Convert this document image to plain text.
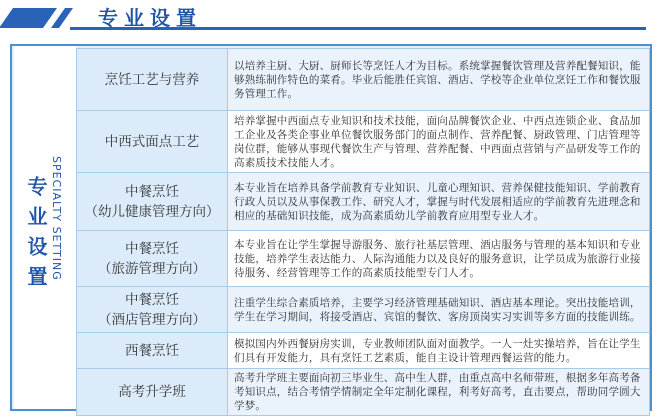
专业设置
专业设置 SPECIALTY SETTING
烹饪工艺与营养	以培养主厨、大厨、厨师长等烹饪人才为目标。系统掌握餐饮管理及营养配餐知识，能够熟练制作特色的菜肴。毕业后能胜任宾馆、酒店、学校等企业单位烹饪工作和餐饮服务管理工作。
中西式面点工艺	培养掌握中西面点专业知识和技术技能，面向品牌餐饮企业、中西点连锁企业、食品加工企业及各类企事业单位餐饮服务部门的面点制作、营养配餐、厨政管理、门店管理等岗位群，能够从事现代餐饮生产与管理、营养配餐、中西面点营销与产品研发等工作的高素质技术技能人才。
中餐烹饪
（幼儿健康管理方向）	本专业旨在培养具备学前教育专业知识、儿童心理知识、营养保健技能知识、学前教育行政人员以及从事保教工作、研究人才，掌握与时代发展相适应的学前教育先进理念和相应的基础知识技能，成为高素质幼儿学前教育应用型专业人才。
中餐烹饪
（旅游管理方向）	本专业旨在让学生掌握导游服务、旅行社基层管理、酒店服务与管理的基本知识和专业技能，培养学生表达能力、人际沟通能力以及良好的服务意识，让学员成为旅游行业接待服务、经营管理等工作的高素质技能型专门人才。
中餐烹饪
（酒店管理方向）	注重学生综合素质培养，主要学习经济管理基础知识、酒店基本理论。突出技能培训，学生在学习期间，将接受酒店、宾馆的餐饮、客房顶岗实习实训等多方面的技能训练。
西餐烹饪	模拟国内外西餐厨房实训，专业教师团队面对面教学。一人一灶实操培养，旨在让学生们具有开发能力，具有烹饪工艺素质，能自主设计管理西餐运营的能力。
高考升学班	高考升学班主要面向初三毕业生、高中生人群，由重点高中名师带班，根据多年高考备考知识点，结合考情学情制定全年定制化课程，利考好高考，直击要点，帮助同学圆大学梦。
